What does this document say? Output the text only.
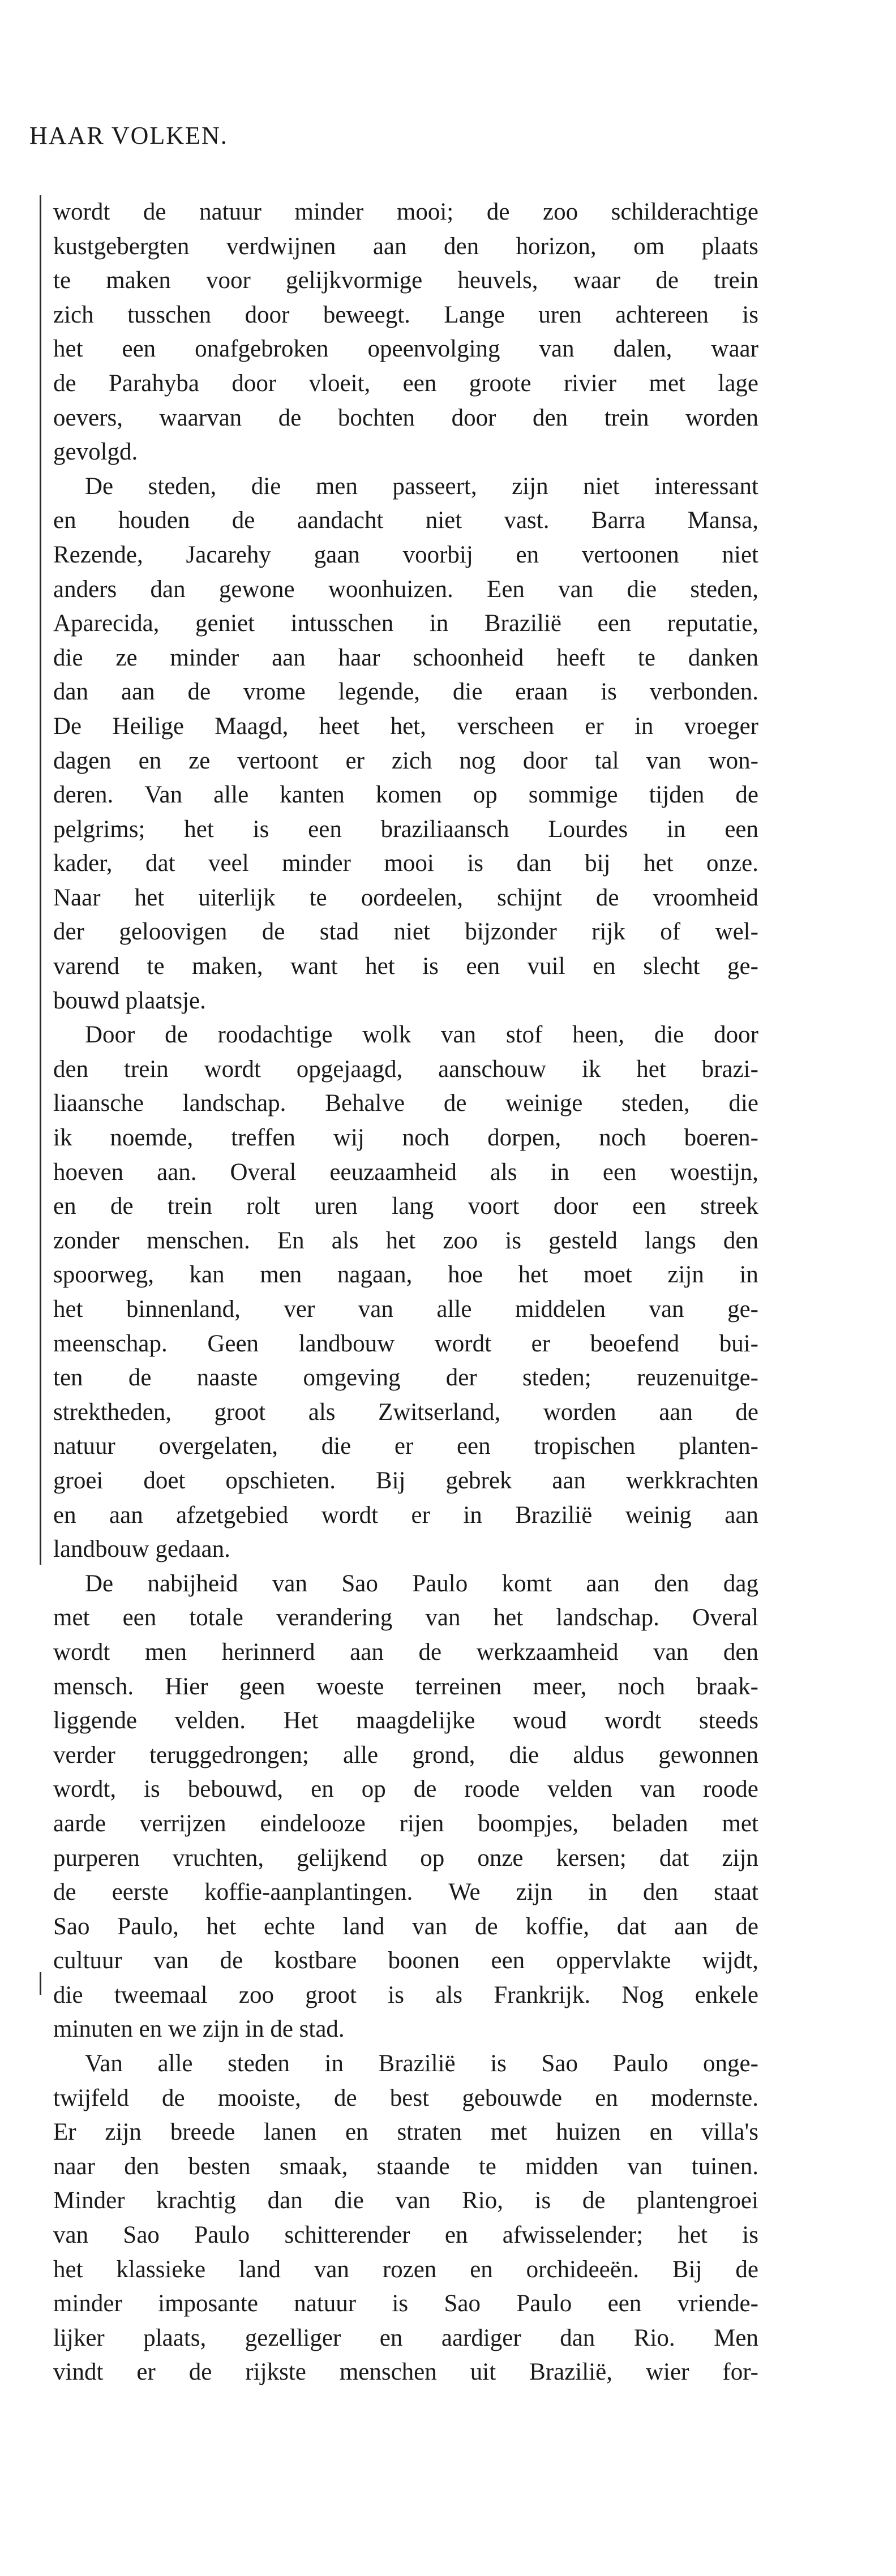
HAAR VOLKEN.
wordt de natuur minder mooi; de zoo schilderachtige
kustgebergten verdwijnen aan den horizon, om plaats
te maken voor gelijkvormige heuvels, waar de trein
zich tusschen door beweegt. Lange uren achtereen is
het een onafgebroken opeenvolging van dalen, waar
de Parahyba door vloeit, een groote rivier met lage
oevers, waarvan de bochten door den trein worden
gevolgd.
De steden, die men passeert, zijn niet interessant
en houden de aandacht niet vast. Barra Mansa,
Rezende, Jacarehy gaan voorbij en vertoonen niet
anders dan gewone woonhuizen. Een van die steden,
Aparecida, geniet intusschen in Brazilië een reputatie,
die ze minder aan haar schoonheid heeft te danken
dan aan de vrome legende, die eraan is verbonden.
De Heilige Maagd, heet het, verscheen er in vroeger
dagen en ze vertoont er zich nog door tal van won-
deren. Van alle kanten komen op sommige tijden de
pelgrims; het is een braziliaansch Lourdes in een
kader, dat veel minder mooi is dan bij het onze.
Naar het uiterlijk te oordeelen, schijnt de vroomheid
der geloovigen de stad niet bijzonder rijk of wel-
varend te maken, want het is een vuil en slecht ge-
bouwd plaatsje.
Door de roodachtige wolk van stof heen, die door
den trein wordt opgejaagd, aanschouw ik het brazi-
liaansche landschap. Behalve de weinige steden, die
ik noemde, treffen wij noch dorpen, noch boeren-
hoeven aan. Overal eeuzaamheid als in een woestijn,
en de trein rolt uren lang voort door een streek
zonder menschen. En als het zoo is gesteld langs den
spoorweg, kan men nagaan, hoe het moet zijn in
het binnenland, ver van alle middelen van ge-
meenschap. Geen landbouw wordt er beoefend bui-
ten de naaste omgeving der steden; reuzenuitge-
strektheden, groot als Zwitserland, worden aan de
natuur overgelaten, die er een tropischen planten-
groei doet opschieten. Bij gebrek aan werkkrachten
en aan afzetgebied wordt er in Brazilië weinig aan
landbouw gedaan.
De nabijheid van Sao Paulo komt aan den dag
met een totale verandering van het landschap. Overal
wordt men herinnerd aan de werkzaamheid van den
mensch. Hier geen woeste terreinen meer, noch braak-
liggende velden. Het maagdelijke woud wordt steeds
verder teruggedrongen; alle grond, die aldus gewonnen
wordt, is bebouwd, en op de roode velden van roode
aarde verrijzen eindelooze rijen boompjes, beladen met
purperen vruchten, gelijkend op onze kersen; dat zijn
de eerste koffie-aanplantingen. We zijn in den staat
Sao Paulo, het echte land van de koffie, dat aan de
cultuur van de kostbare boonen een oppervlakte wijdt,
die tweemaal zoo groot is als Frankrijk. Nog enkele
minuten en we zijn in de stad.
Van alle steden in Brazilië is Sao Paulo onge-
twijfeld de mooiste, de best gebouwde en modernste.
Er zijn breede lanen en straten met huizen en villa's
naar den besten smaak, staande te midden van tuinen.
Minder krachtig dan die van Rio, is de plantengroei
van Sao Paulo schitterender en afwisselender; het is
het klassieke land van rozen en orchideeën. Bij de
minder imposante natuur is Sao Paulo een vriende-
lijker plaats, gezelliger en aardiger dan Rio. Men
vindt er de rijkste menschen uit Brazilië, wier for-
